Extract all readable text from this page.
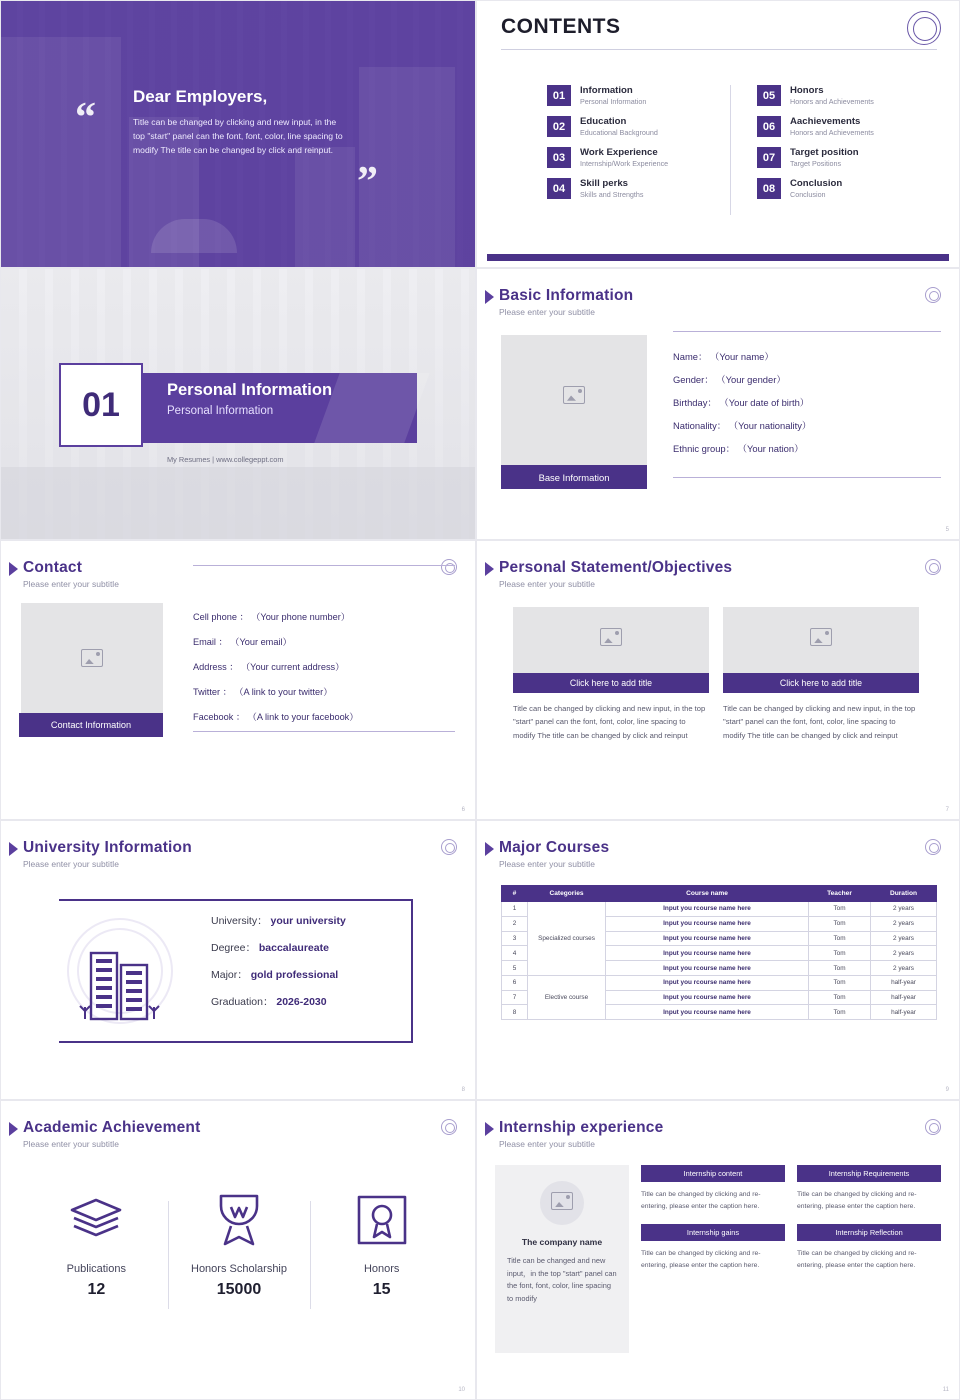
“
”
Dear Employers,
Title can be changed by clicking and new input, in the top "start" panel can the font, font, color, line spacing to modify The title can be changed by click and reinput.
CONTENTS
01	Information
Personal Information
02	Education
Educational Background
03	Work Experience
Internship/Work Experience
04	Skill perks
Skills and Strengths
05	Honors
Honors and Achievements
06	Aachievements
Honors and Achievements
07	Target position
Target Positions
08	Conclusion
Conclusion
01	Personal Information
Personal Information
My Resumes | www.collegeppt.com
Basic Information
Please enter your subtitle
Base Information
Name： （Your name）
Gender： （Your gender）
Birthday： （Your date of birth）
Nationality： （Your nationality）
Ethnic group： （Your nation）
5
Contact
Please enter your subtitle
Contact Information
Cell phone ： （Your phone number）
Email ： （Your email）
Address ： （Your current address）
Twitter ： （A link to your twitter）
Facebook ： （A link to your facebook）
6
Personal Statement/Objectives
Please enter your subtitle
Click here to add title
Title can be changed by clicking and new input, in the top "start" panel can the font, font, color, line spacing to modify The title can be changed by click and reinput
Click here to add title
Title can be changed by clicking and new input, in the top "start" panel can the font, font, color, line spacing to modify The title can be changed by click and reinput
7
University Information
Please enter your subtitle
University： your university
Degree： baccalaureate
Major： gold professional
Graduation： 2026-2030
8
Major Courses
Please enter your subtitle
#	Categories	Course name	Teacher	Duration
1	Specialized courses	Input you rcourse name here	Tom	2 years
2		Input you rcourse name here	Tom	2 years
3		Input you rcourse name here	Tom	2 years
4		Input you rcourse name here	Tom	2 years
5		Input you rcourse name here	Tom	2 years
6	Elective course	Input you rcourse name here	Tom	half-year
7		Input you rcourse name here	Tom	half-year
8		Input you rcourse name here	Tom	half-year
9
Academic Achievement
Please enter your subtitle
Publications
12
Honors Scholarship
15000
Honors
15
10
Internship experience
Please enter your subtitle
The company name
Title can be changed and new input，in the top "start" panel can the font, font, color, line spacing to modify
Internship content
Title can be changed by clicking and re-entering, please enter the caption here.
Internship Requirements
Title can be changed by clicking and re-entering, please enter the caption here.
Internship gains
Title can be changed by clicking and re-entering, please enter the caption here.
Internship Reflection
Title can be changed by clicking and re-entering, please enter the caption here.
11
